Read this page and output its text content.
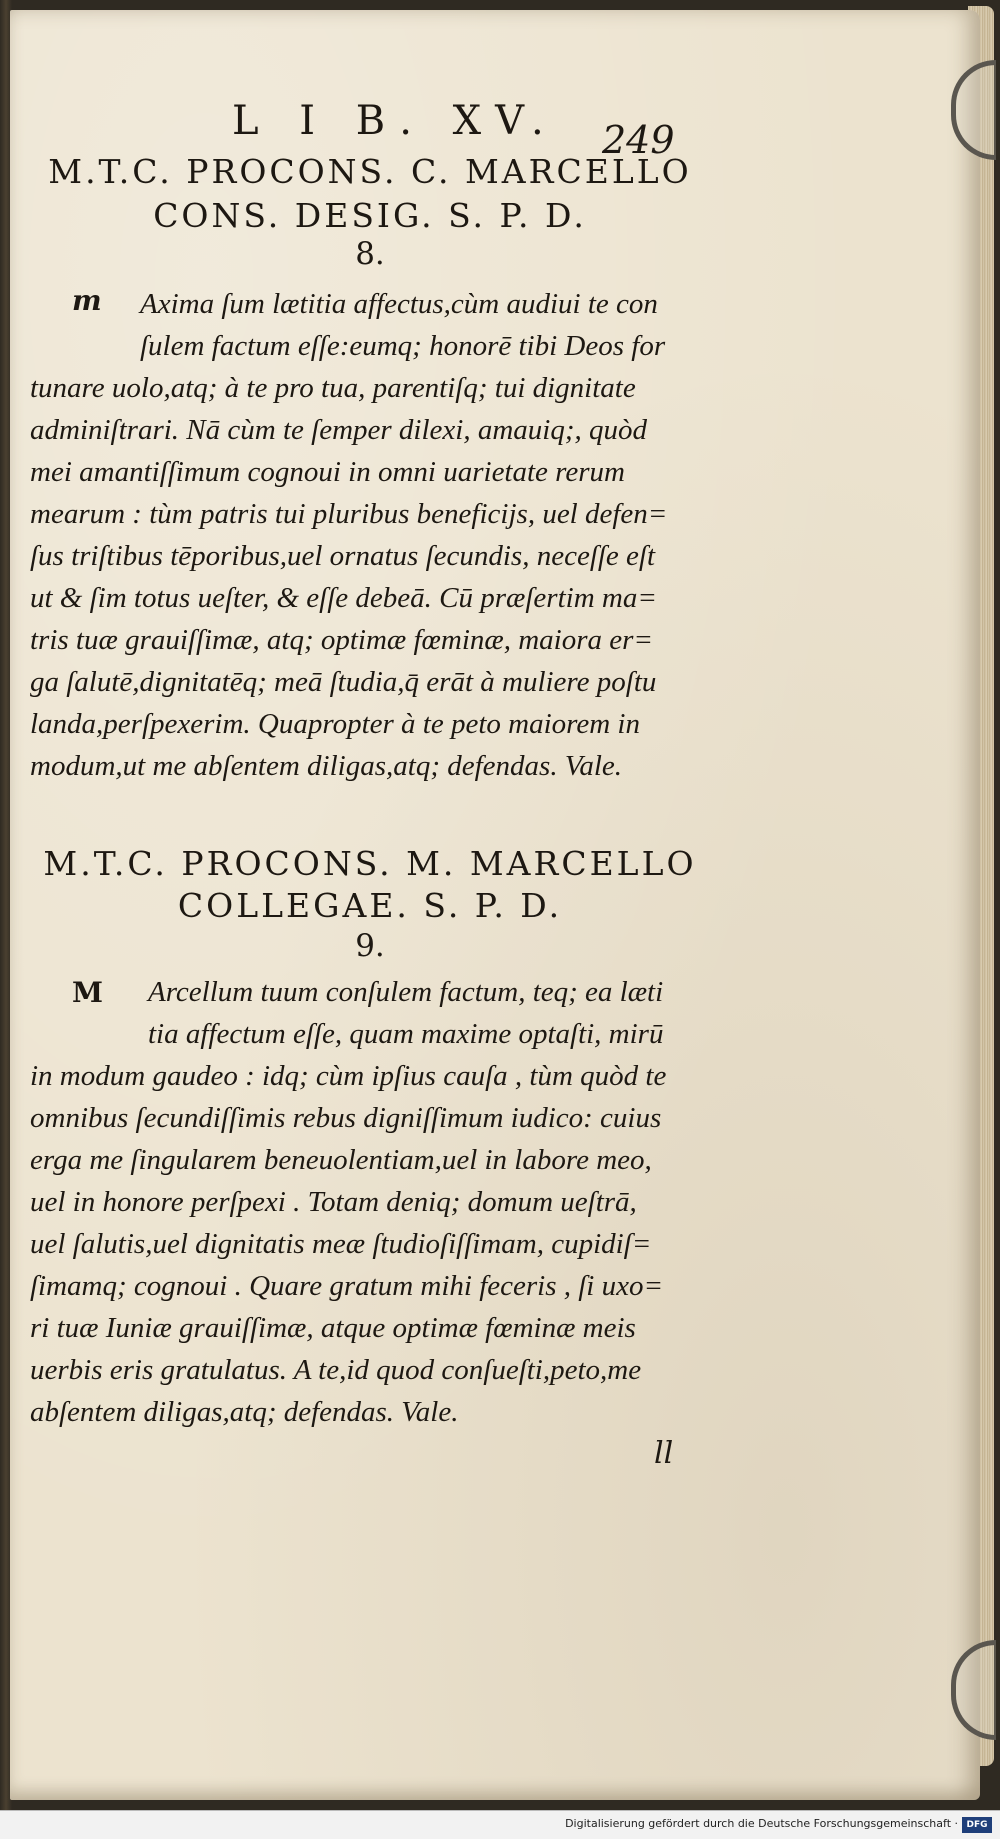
L I B. XV. 249
M.T.C. PROCONS. C. MARCELLO
CONS. DESIG. S. P. D.
8.
m Axima ſum lætitia affectus,cùm audiui te con
ſulem factum eſſe:eumq; honorē tibi Deos for
tunare uolo,atq; à te pro tua, parentiſq; tui dignitate
adminiſtrari. Nā cùm te ſemper dilexi, amauiq;, quòd
mei amantiſſimum cognoui in omni uarietate rerum
mearum : tùm patris tui pluribus beneficijs, uel defen=
ſus triſtibus tēporibus,uel ornatus ſecundis, neceſſe eſt
ut & ſim totus ueſter, & eſſe debeā. Cū præſertim ma=
tris tuæ grauiſſimæ, atq; optimæ fœminæ, maiora er=
ga ſalutē,dignitatēq; meā ſtudia,q̄ erāt à muliere poſtu
landa,perſpexerim. Quapropter à te peto maiorem in
modum,ut me abſentem diligas,atq; defendas. Vale.
M.T.C. PROCONS. M. MARCELLO
COLLEGAE. S. P. D.
9.
M Arcellum tuum conſulem factum, teq; ea læti
tia affectum eſſe, quam maxime optaſti, mirū
in modum gaudeo : idq; cùm ipſius cauſa , tùm quòd te
omnibus ſecundiſſimis rebus digniſſimum iudico: cuius
erga me ſingularem beneuolentiam,uel in labore meo,
uel in honore perſpexi . Totam deniq; domum ueſtrā,
uel ſalutis,uel dignitatis meæ ſtudioſiſſimam, cupidiſ=
ſimamq; cognoui . Quare gratum mihi feceris , ſi uxo=
ri tuæ Iuniæ grauiſſimæ, atque optimæ fœminæ meis
uerbis eris gratulatus. A te,id quod conſueſti,peto,me
abſentem diligas,atq; defendas. Vale.
ll
Digitalisierung gefördert durch die Deutsche Forschungsgemeinschaft · DFG
